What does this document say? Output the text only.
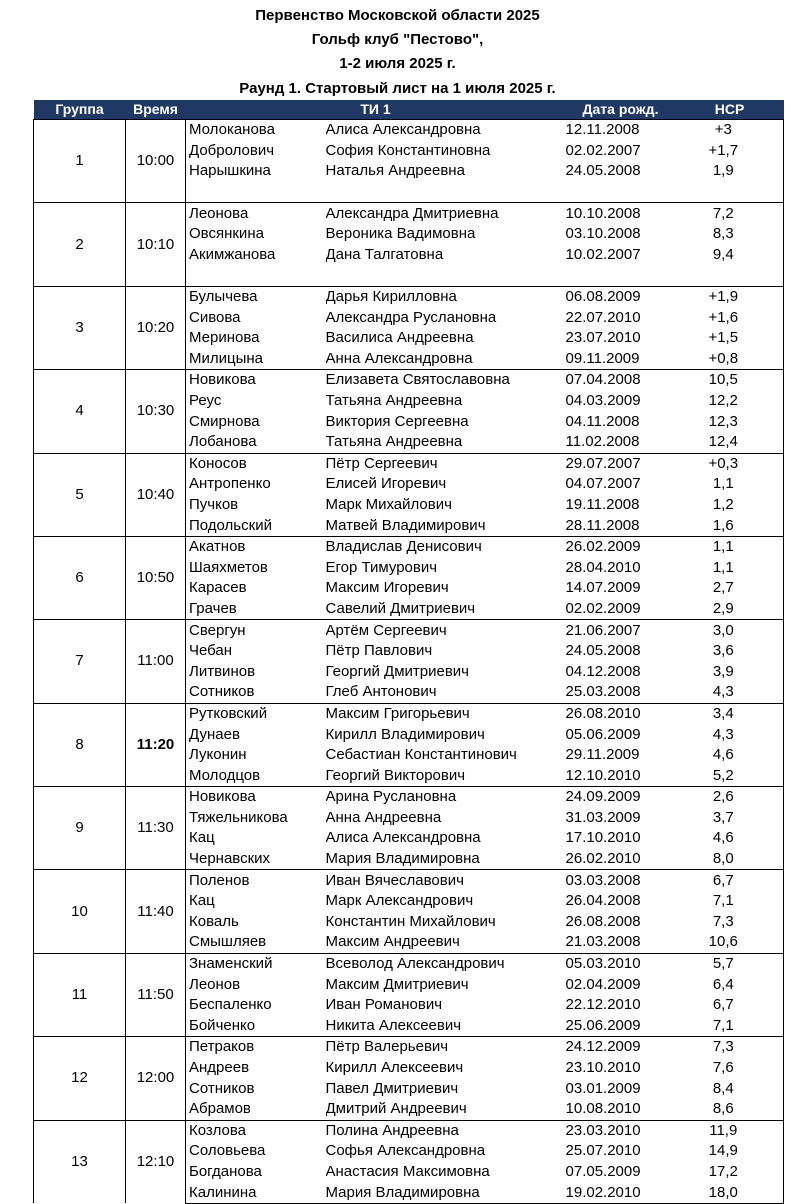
Первенство Московской области 2025
Гольф клуб "Пестово",
1-2 июля 2025 г.
Раунд 1. Стартовый лист на 1 июля 2025 г.
Группа	Время	ТИ 1		Дата рожд.	HCP
1	10:00	Молоканова	Алиса Александровна	12.11.2008	+3
		Добролович	София Константиновна	02.02.2007	+1,7
		Нарышкина	Наталья Андреевна	24.05.2008	1,9

2	10:10	Леонова	Александра Дмитриевна	10.10.2008	7,2
		Овсянкина	Вероника Вадимовна	03.10.2008	8,3
		Акимжанова	Дана Талгатовна	10.02.2007	9,4

3	10:20	Булычева	Дарья Кирилловна	06.08.2009	+1,9
		Сивова	Александра Руслановна	22.07.2010	+1,6
		Меринова	Василиса Андреевна	23.07.2010	+1,5
		Милицына	Анна Александровна	09.11.2009	+0,8
4	10:30	Новикова	Елизавета Святославовна	07.04.2008	10,5
		Реус	Татьяна Андреевна	04.03.2009	12,2
		Смирнова	Виктория Сергеевна	04.11.2008	12,3
		Лобанова	Татьяна Андреевна	11.02.2008	12,4
5	10:40	Коносов	Пётр Сергеевич	29.07.2007	+0,3
		Антропенко	Елисей Игоревич	04.07.2007	1,1
		Пучков	Марк Михайлович	19.11.2008	1,2
		Подольский	Матвей Владимирович	28.11.2008	1,6
6	10:50	Акатнов	Владислав Денисович	26.02.2009	1,1
		Шаяхметов	Егор Тимурович	28.04.2010	1,1
		Карасев	Максим Игоревич	14.07.2009	2,7
		Грачев	Савелий Дмитриевич	02.02.2009	2,9
7	11:00	Свергун	Артём Сергеевич	21.06.2007	3,0
		Чебан	Пётр Павлович	24.05.2008	3,6
		Литвинов	Георгий Дмитриевич	04.12.2008	3,9
		Сотников	Глеб Антонович	25.03.2008	4,3
8	11:20	Рутковский	Максим Григорьевич	26.08.2010	3,4
		Дунаев	Кирилл Владимирович	05.06.2009	4,3
		Луконин	Себастиан Константинович	29.11.2009	4,6
		Молодцов	Георгий Викторович	12.10.2010	5,2
9	11:30	Новикова	Арина Руслановна	24.09.2009	2,6
		Тяжельникова	Анна Андреевна	31.03.2009	3,7
		Кац	Алиса Александровна	17.10.2010	4,6
		Чернавских	Мария Владимировна	26.02.2010	8,0
10	11:40	Поленов	Иван Вячеславович	03.03.2008	6,7
		Кац	Марк Александрович	26.04.2008	7,1
		Коваль	Константин Михайлович	26.08.2008	7,3
		Смышляев	Максим Андреевич	21.03.2008	10,6
11	11:50	Знаменский	Всеволод Александрович	05.03.2010	5,7
		Леонов	Максим Дмитриевич	02.04.2009	6,4
		Беспаленко	Иван Романович	22.12.2010	6,7
		Бойченко	Никита Алексеевич	25.06.2009	7,1
12	12:00	Петраков	Пётр Валерьевич	24.12.2009	7,3
		Андреев	Кирилл Алексеевич	23.10.2010	7,6
		Сотников	Павел Дмитриевич	03.01.2009	8,4
		Абрамов	Дмитрий Андреевич	10.08.2010	8,6
13	12:10	Козлова	Полина Андреевна	23.03.2010	11,9
		Соловьева	Софья Александровна	25.07.2010	14,9
		Богданова	Анастасия Максимовна	07.05.2009	17,2
		Калинина	Мария Владимировна	19.02.2010	18,0
